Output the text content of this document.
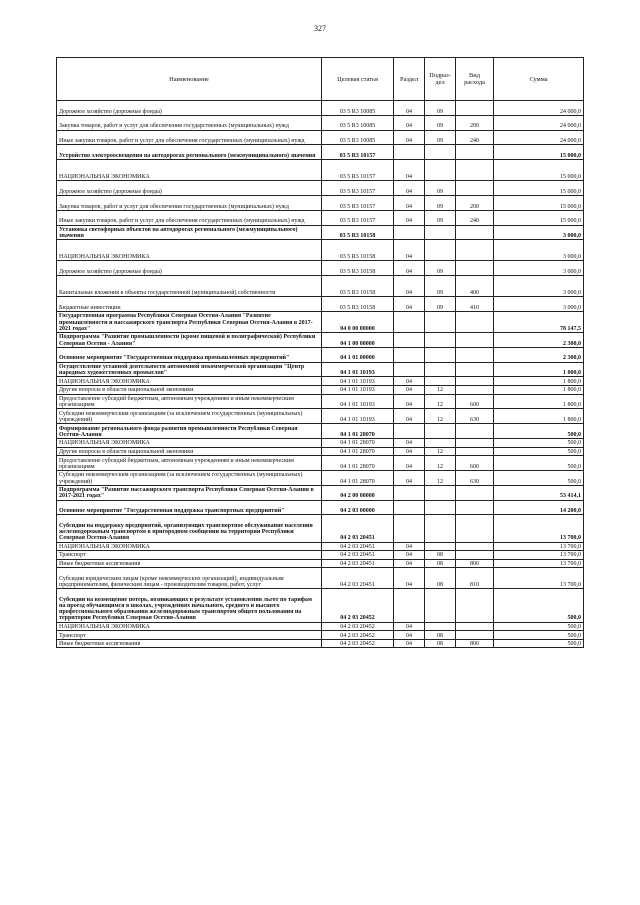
327
Наименование	Целевая статья	Раздел	Подраз-дел	Вид расхода	Сумма
Дорожное хозяйство (дорожные фонды)	03 5 R3 10085	04	09		24 000,0
Закупка товаров, работ и услуг для обеспечения государственных (муниципальных) нужд	03 5 R3 10085	04	09	200	24 000,0
Иные закупки товаров, работ и услуг для обеспечения государственных (муниципальных) нужд	03 5 R3 10085	04	09	240	24 000,0
Устройство электроосвещения на автодорогах регионального (межмуниципального) значения	03 5 R3 10157				15 000,0
НАЦИОНАЛЬНАЯ ЭКОНОМИКА	03 5 R3 10157	04			15 000,0
Дорожное хозяйство (дорожные фонды)	03 5 R3 10157	04	09		15 000,0
Закупка товаров, работ и услуг для обеспечения государственных (муниципальных) нужд	03 5 R3 10157	04	09	200	15 000,0
Иные закупки товаров, работ и услуг для обеспечения государственных (муниципальных) нужд	03 5 R3 10157	04	09	240	15 000,0
Установка светофорных объектов на автодорогах регионального (межмуниципального) значения	03 5 R3 10158				3 000,0
НАЦИОНАЛЬНАЯ ЭКОНОМИКА	03 5 R3 10158	04			3 000,0
Дорожное хозяйство (дорожные фонды)	03 5 R3 10158	04	09		3 000,0
Капитальные вложения в объекты государственной (муниципальной) собственности	03 5 R3 10158	04	09	400	3 000,0
Бюджетные инвестиции	03 5 R3 10158	04	09	410	3 000,0
Государственная программа Республики Северная Осетия-Алания "Развитие промышленности и пассажирского транспорта Республики Северная Осетия-Алания в 2017-2021 годах"	04 0 00 00000				78 147,5
Подпрограмма "Развитие промышленности (кроме пищевой и полиграфической) Республики Северная Осетия - Алания"	04 1 00 00000				2 300,0
Основное мероприятие "Государственная поддержка промышленных предприятий"	04 1 01 00000				2 300,0
Осуществление уставной деятельности автономной некоммерческой организации "Центр народных художественных промыслов"	04 1 01 10193				1 800,0
НАЦИОНАЛЬНАЯ ЭКОНОМИКА	04 1 01 10193	04			1 800,0
Другие вопросы в области национальной экономики	04 1 01 10193	04	12		1 800,0
Предоставление субсидий бюджетным, автономным учреждениям и иным некоммерческим организациям	04 1 01 10193	04	12	600	1 800,0
Субсидии некоммерческим организациям (за исключением государственных (муниципальных) учреждений)	04 1 01 10193	04	12	630	1 800,0
Формирование регионального фонда развития промышленности Республики Северная Осетия-Алания	04 1 01 28070				500,0
НАЦИОНАЛЬНАЯ ЭКОНОМИКА	04 1 01 28070	04			500,0
Другие вопросы в области национальной экономики	04 1 01 28070	04	12		500,0
Предоставление субсидий бюджетным, автономным учреждениям и иным некоммерческим организациям	04 1 01 28070	04	12	600	500,0
Субсидии некоммерческим организациям (за исключением государственных (муниципальных) учреждений)	04 1 01 28070	04	12	630	500,0
Подпрограмма "Развитие пассажирского транспорта Республики Северная Осетия-Алания в 2017-2021 годах"	04 2 00 00000				53 414,1
Основное мероприятие "Государственная поддержка транспортных предприятий"	04 2 03 00000				14 200,0
Субсидии на поддержку предприятий, организующих транспортное обслуживание населения железнодорожным транспортом в пригородном сообщении на территории Республики Северная Осетия-Алания	04 2 03 20451				13 700,0
НАЦИОНАЛЬНАЯ ЭКОНОМИКА	04 2 03 20451	04			13 700,0
Транспорт	04 2 03 20451	04	08		13 700,0
Иные бюджетные ассигнования	04 2 03 20451	04	08	800	13 700,0
Субсидии юридическим лицам (кроме некоммерческих организаций), индивидуальным предпринимателям, физическим лицам - производителям товаров, работ, услуг	04 2 03 20451	04	08	810	13 700,0
Субсидии на возмещение потерь, возникающих в результате установления льгот по тарифам на проезд обучающимся в школах, учреждениях начального, среднего и высшего профессионального образования железнодорожным транспортом общего пользования на территории Республики Северная Осетия-Алания	04 2 03 20452				500,0
НАЦИОНАЛЬНАЯ ЭКОНОМИКА	04 2 03 20452	04			500,0
Транспорт	04 2 03 20452	04	08		500,0
Иные бюджетные ассигнования	04 2 03 20452	04	08	800	500,0
